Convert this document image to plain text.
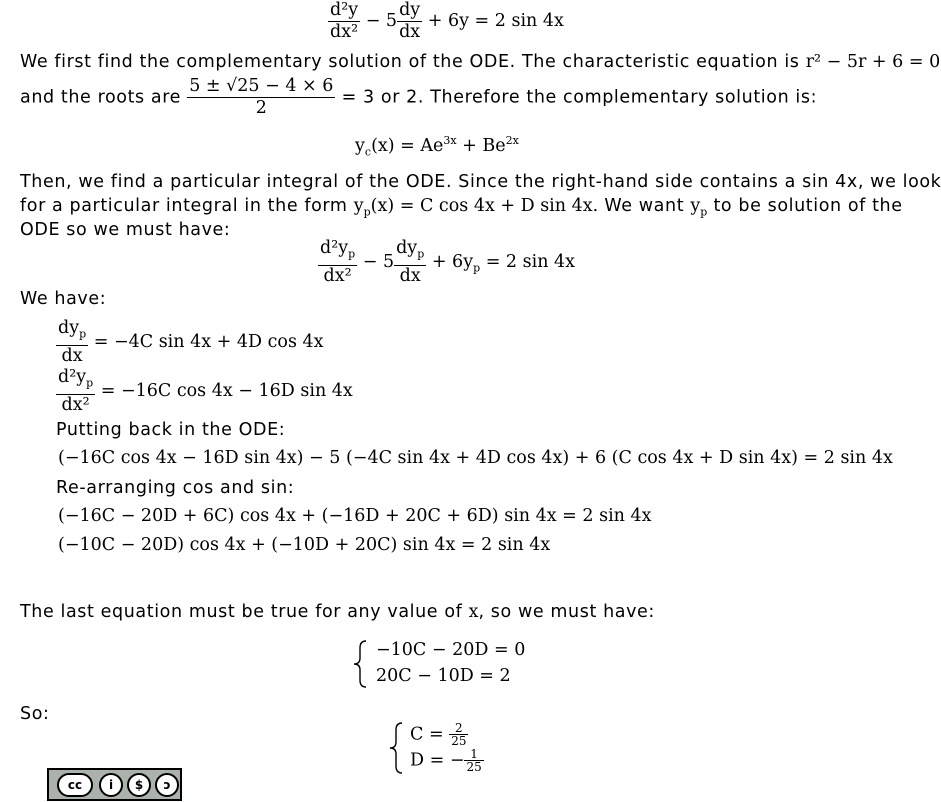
$\frac{\text{d²y}}{\text{dx²}} - 5 \frac{dy}{dx} + 6y = 2$ sin 4x
We first find the complementary solution of the ODE. The characteristic equation is r² − 5r + 6 = 0
and the roots are $\frac{5 \pm √25 - 4 \times 6}{2} = 3$ or 2. Therefore the complementary solution is:
$y_c(x) = Ae^{3x} + Be^{2x}$
Then, we find a particular integral of the ODE. Since the right-hand side contains a sin 4x, we look
for a particular integral in the form $y_p(x) = C$ cos 4x + D sin 4x. We want $y_p$ to be solution of the
ODE so we must have:
$\frac{d^2y_p}{\text{dx²}} - 5 \frac{dy_p}{dx} + 6y_p = 2$ sin 4x
We have:
$\frac{dy_p}{dx} = -4C$ sin 4x + 4D cos 4x
$\frac{d^2y_p}{\text{dx²}} = -16C$ cos 4x − 16D sin 4x
Putting back in the ODE:
(−16C cos 4x − 16D sin 4x) − 5 (−4C sin 4x + 4D cos 4x) + 6 (C cos 4x + D sin 4x) = 2 sin 4x
Re-arranging cos and sin:
(−16C − 20D + 6C) cos 4x + (−16D + 20C + 6D) sin 4x = 2 sin 4x
(−10C − 20D) cos 4x + (−10D + 20C) sin 4x = 2 sin 4x
The last equation must be true for any value of x, so we must have:
−10C − 20D = 0
20C − 10D = 2
So:
$C = \frac{2}{25}$
D = − $\frac{1}{25}$
cc	i	$	ↄ
